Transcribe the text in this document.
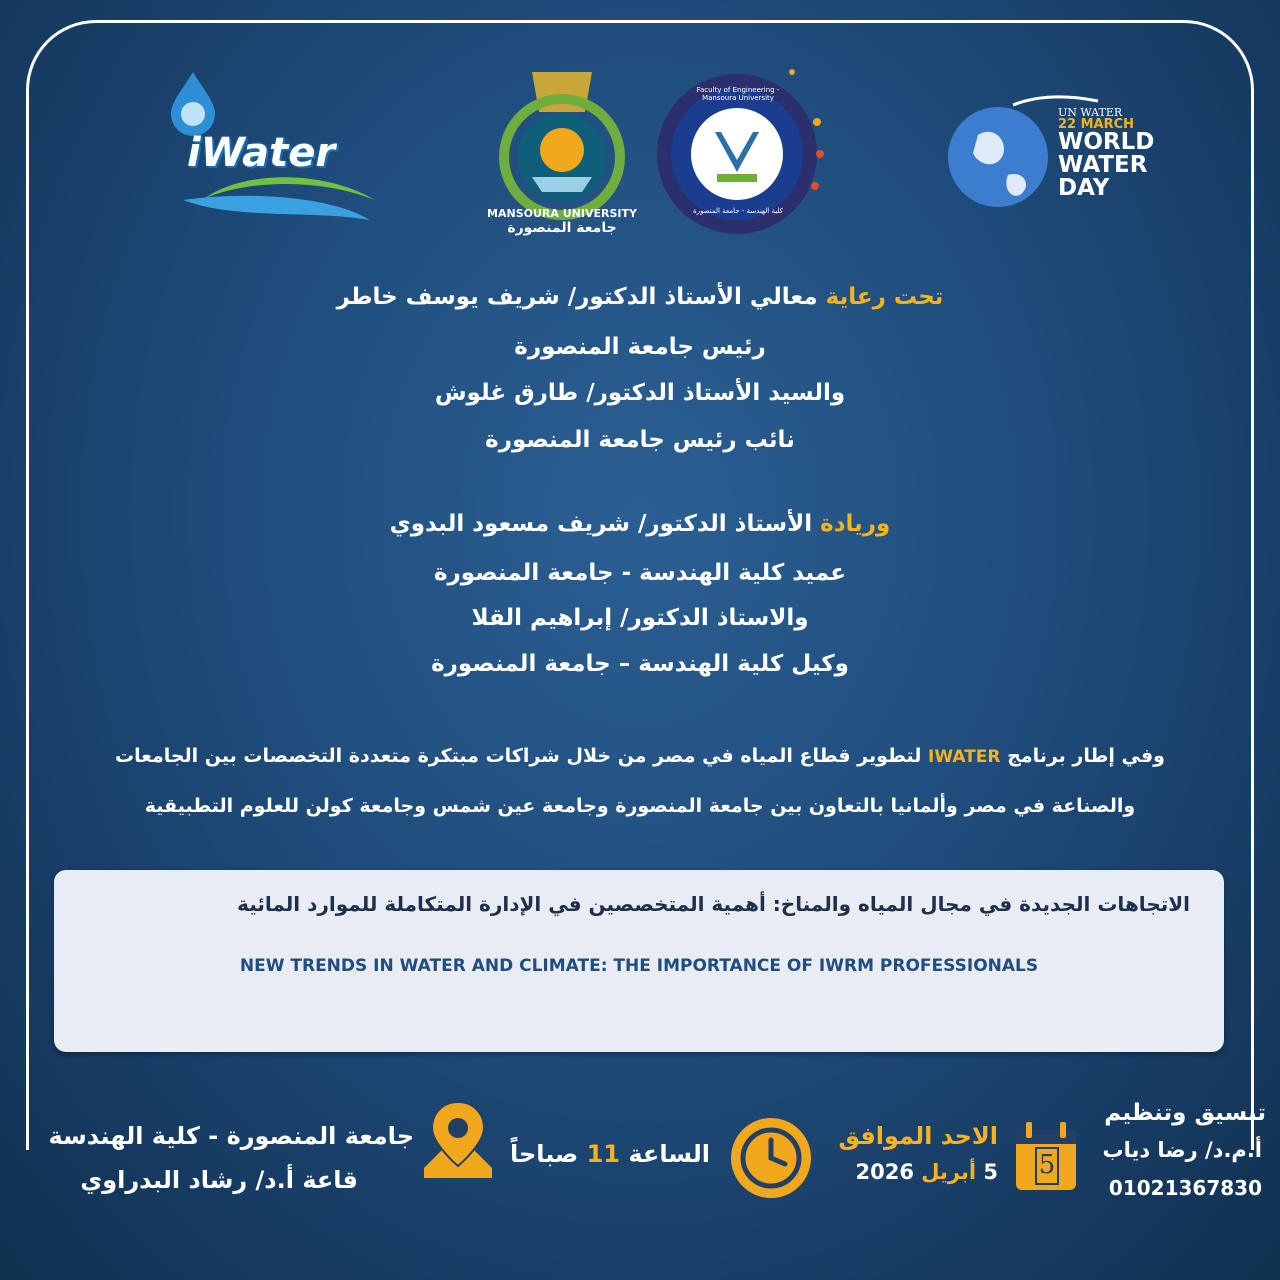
iWater
MANSOURA UNIVERSITY
جامعة المنصورة
Faculty of Engineering - Mansoura University
كلية الهندسة - جامعة المنصورة
UN WATER
22 MARCH
WORLD
WATER
DAY
تحت رعاية معالي الأستاذ الدكتور/ شريف يوسف خاطر
رئيس جامعة المنصورة
والسيد الأستاذ الدكتور/ طارق غلوش
نائب رئيس جامعة المنصورة
وريادة الأستاذ الدكتور/ شريف مسعود البدوي
عميد كلية الهندسة - جامعة المنصورة
والاستاذ الدكتور/ إبراهيم القلا
وكيل كلية الهندسة – جامعة المنصورة
وفي إطار برنامج IWATER لتطوير قطاع المياه في مصر من خلال شراكات مبتكرة متعددة التخصصات بين الجامعات
والصناعة في مصر وألمانيا بالتعاون بين جامعة المنصورة وجامعة عين شمس وجامعة كولن للعلوم التطبيقية
الاتجاهات الجديدة في مجال المياه والمناخ: أهمية المتخصصين في الإدارة المتكاملة للموارد المائية
NEW TRENDS IN WATER AND CLIMATE: THE IMPORTANCE OF IWRM PROFESSIONALS
تنسيق وتنظيم
أ.م.د/ رضا دياب
01021367830
5
الاحد الموافق
5 أبريل 2026
الساعة 11 صباحاً
جامعة المنصورة - كلية الهندسة
قاعة أ.د/ رشاد البدراوي
